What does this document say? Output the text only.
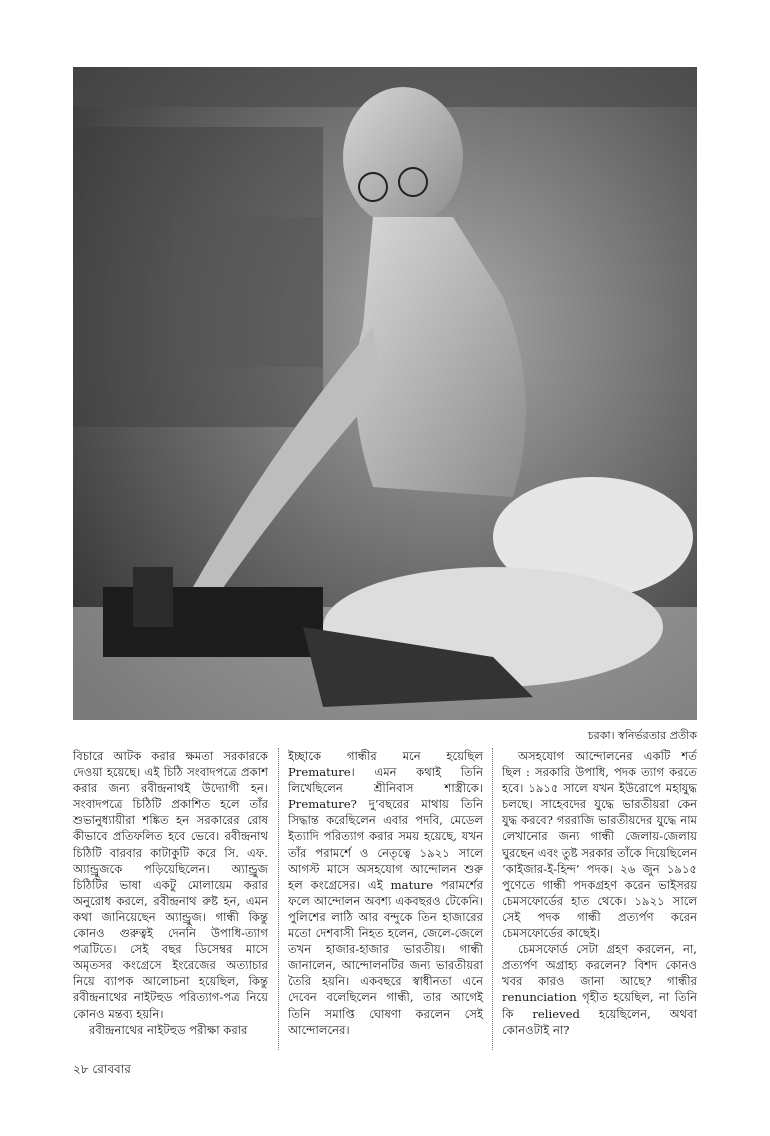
চরকা। স্বনির্ভরতার প্রতীক

বিচারে আটক করার ক্ষমতা সরকারকে দেওয়া হয়েছে। এই চিঠি সংবাদপত্রে প্রকাশ করার জন্য রবীন্দ্রনাথই উদ্যোগী হন। সংবাদপত্রে চিঠিটি প্রকাশিত হলে তাঁর শুভানুধ্যায়ীরা শঙ্কিত হন সরকারের রোষ কীভাবে প্রতিফলিত হবে ভেবে। রবীন্দ্রনাথ চিঠিটি বারবার কাটাকুটি করে সি. এফ. অ্যান্ড্রুজকে পড়িয়েছিলেন। অ্যান্ড্রুজ চিঠিটির ভাষা একটু মোলায়েম করার অনুরোধ করলে, রবীন্দ্রনাথ রুষ্ট হন, এমন কথা জানিয়েছেন অ্যান্ড্রুজ। গান্ধী কিন্তু কোনও গুরুত্বই দেননি উপাধি-ত্যাগ পত্রটিতে। সেই বছর ডিসেম্বর মাসে অমৃতসর কংগ্রেসে ইংরেজের অত্যাচার নিয়ে ব্যাপক আলোচনা হয়েছিল, কিন্তু রবীন্দ্রনাথের নাইটহুড পরিত্যাগ-পত্র নিয়ে কোনও মন্তব্য হয়নি।

রবীন্দ্রনাথের নাইটহুড পরীক্ষা করার

ইচ্ছাকে গান্ধীর মনে হয়েছিল Premature। এমন কথাই তিনি লিখেছিলেন শ্রীনিবাস শাস্ত্রীকে। Premature? দু’বছরের মাথায় তিনি সিদ্ধান্ত করেছিলেন এবার পদবি, মেডেল ইত্যাদি পরিত্যাগ করার সময় হয়েছে, যখন তাঁর পরামর্শে ও নেতৃত্বে ১৯২১ সালে আগস্ট মাসে অসহযোগ আন্দোলন শুরু হল কংগ্রেসের। এই mature পরামর্শের ফলে আন্দোলন অবশ্য একবছরও টেকেনি। পুলিশের লাঠি আর বন্দুকে তিন হাজারের মতো দেশবাসী নিহত হলেন, জেলে-জেলে তখন হাজার-হাজার ভারতীয়। গান্ধী জানালেন, আন্দোলনটির জন্য ভারতীয়রা তৈরি হয়নি। একবছরে স্বাধীনতা এনে দেবেন বলেছিলেন গান্ধী, তার আগেই তিনি সমাপ্তি ঘোষণা করলেন সেই আন্দোলনের।

অসহযোগ আন্দোলনের একটি শর্ত ছিল : সরকারি উপাধি, পদক ত্যাগ করতে হবে। ১৯১৫ সালে যখন ইউরোপে মহাযুদ্ধ চলছে। সাহেবদের যুদ্ধে ভারতীয়রা কেন যুদ্ধ করবে? গররাজি ভারতীয়দের যুদ্ধে নাম লেখানোর জন্য গান্ধী জেলায়-জেলায় ঘুরছেন এবং তুষ্ট সরকার তাঁকে দিয়েছিলেন ‘কাইজার-ই-হিন্দ’ পদক। ২৬ জুন ১৯১৫ পুণেতে গান্ধী পদকগ্রহণ করেন ভাইসরয় চেমসফোর্ডের হাত থেকে। ১৯২১ সালে সেই পদক গান্ধী প্রত্যর্পণ করেন চেমসফোর্ডের কাছেই।

চেমসফোর্ড সেটা গ্রহণ করলেন, না, প্রত্যর্পণ অগ্রাহ্য করলেন? বিশদ কোনও খবর কারও জানা আছে? গান্ধীর renunciation গৃহীত হয়েছিল, না তিনি কি relieved হয়েছিলেন, অথবা কোনওটাই না?

২৮ রোববার
